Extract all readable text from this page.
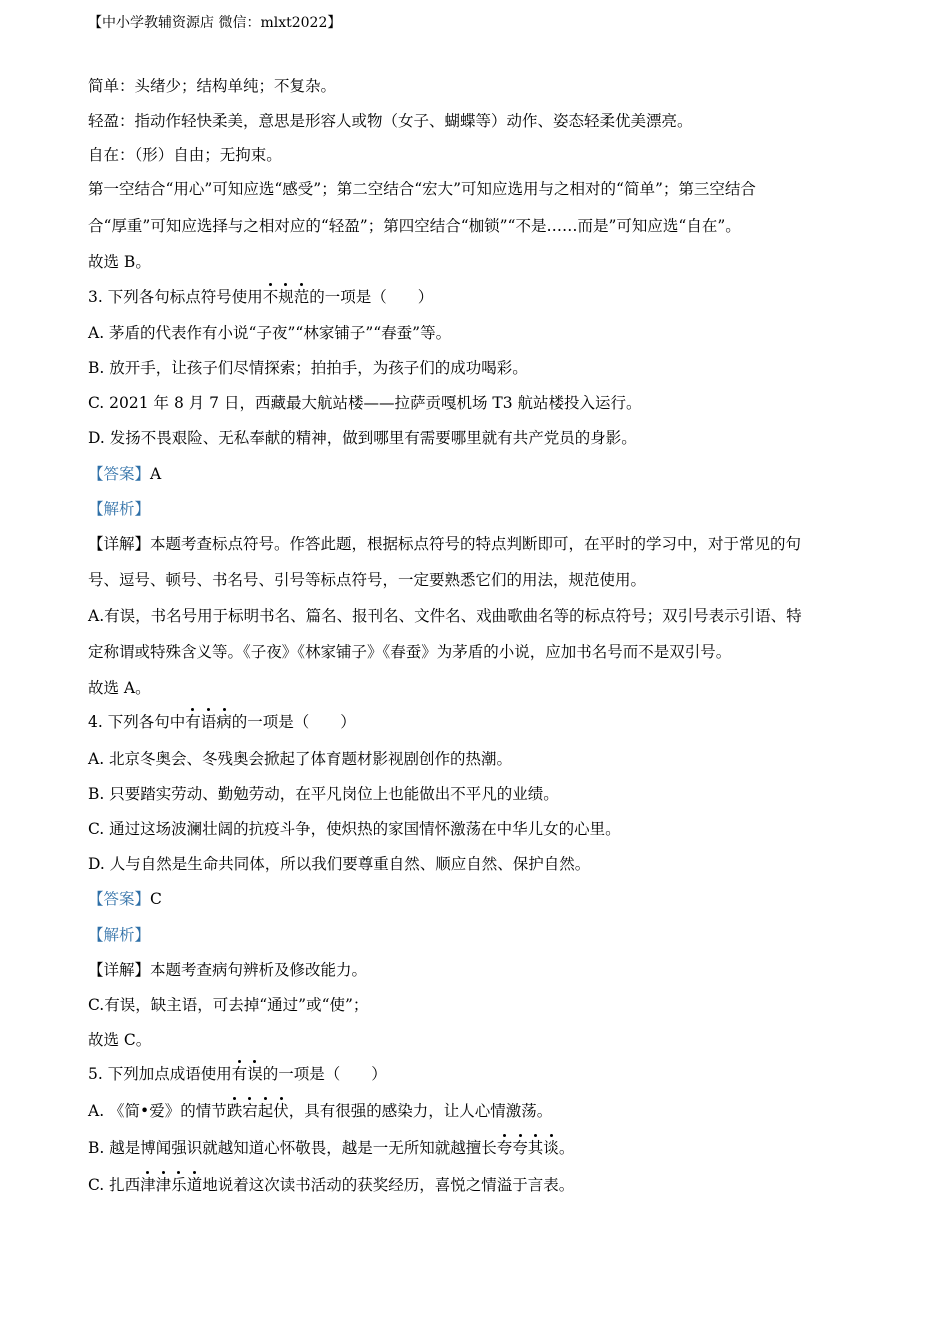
【中小学教辅资源店 微信：mlxt2022】
简单：头绪少；结构单纯；不复杂。
轻盈：指动作轻快柔美，意思是形容人或物（女子、蝴蝶等）动作、姿态轻柔优美漂亮。
自在：（形）自由；无拘束。
第一空结合“用心”可知应选“感受”；第二空结合“宏大”可知应选用与之相对的“简单”；第三空结合
合“厚重”可知应选择与之相对应的“轻盈”；第四空结合“枷锁”“不是……而是”可知应选“自在”。
故选 B。
3. 下列各句标点符号使用不规范的一项是（　　）
A. 茅盾的代表作有小说“子夜”“林家铺子”“春蚕”等。
B. 放开手，让孩子们尽情探索；拍拍手，为孩子们的成功喝彩。
C. 2021 年 8 月 7 日，西藏最大航站楼——拉萨贡嘎机场 T3 航站楼投入运行。
D. 发扬不畏艰险、无私奉献的精神，做到哪里有需要哪里就有共产党员的身影。
【答案】A
【解析】
【详解】本题考查标点符号。作答此题，根据标点符号的特点判断即可，在平时的学习中，对于常见的句
号、逗号、顿号、书名号、引号等标点符号，一定要熟悉它们的用法，规范使用。
A.有误，书名号用于标明书名、篇名、报刊名、文件名、戏曲歌曲名等的标点符号；双引号表示引语、特
定称谓或特殊含义等。《子夜》《林家铺子》《春蚕》为茅盾的小说，应加书名号而不是双引号。
故选 A。
4. 下列各句中有语病的一项是（　　）
A. 北京冬奥会、冬残奥会掀起了体育题材影视剧创作的热潮。
B. 只要踏实劳动、勤勉劳动，在平凡岗位上也能做出不平凡的业绩。
C. 通过这场波澜壮阔的抗疫斗争，使炽热的家国情怀激荡在中华儿女的心里。
D. 人与自然是生命共同体，所以我们要尊重自然、顺应自然、保护自然。
【答案】C
【解析】
【详解】本题考查病句辨析及修改能力。
C.有误，缺主语，可去掉“通过”或“使”；
故选 C。
5. 下列加点成语使用有误的一项是（　　）
A. 《简•爱》的情节跌宕起伏，具有很强的感染力，让人心情激荡。
B. 越是博闻强识就越知道心怀敬畏，越是一无所知就越擅长夸夸其谈。
C. 扎西津津乐道地说着这次读书活动的获奖经历，喜悦之情溢于言表。
